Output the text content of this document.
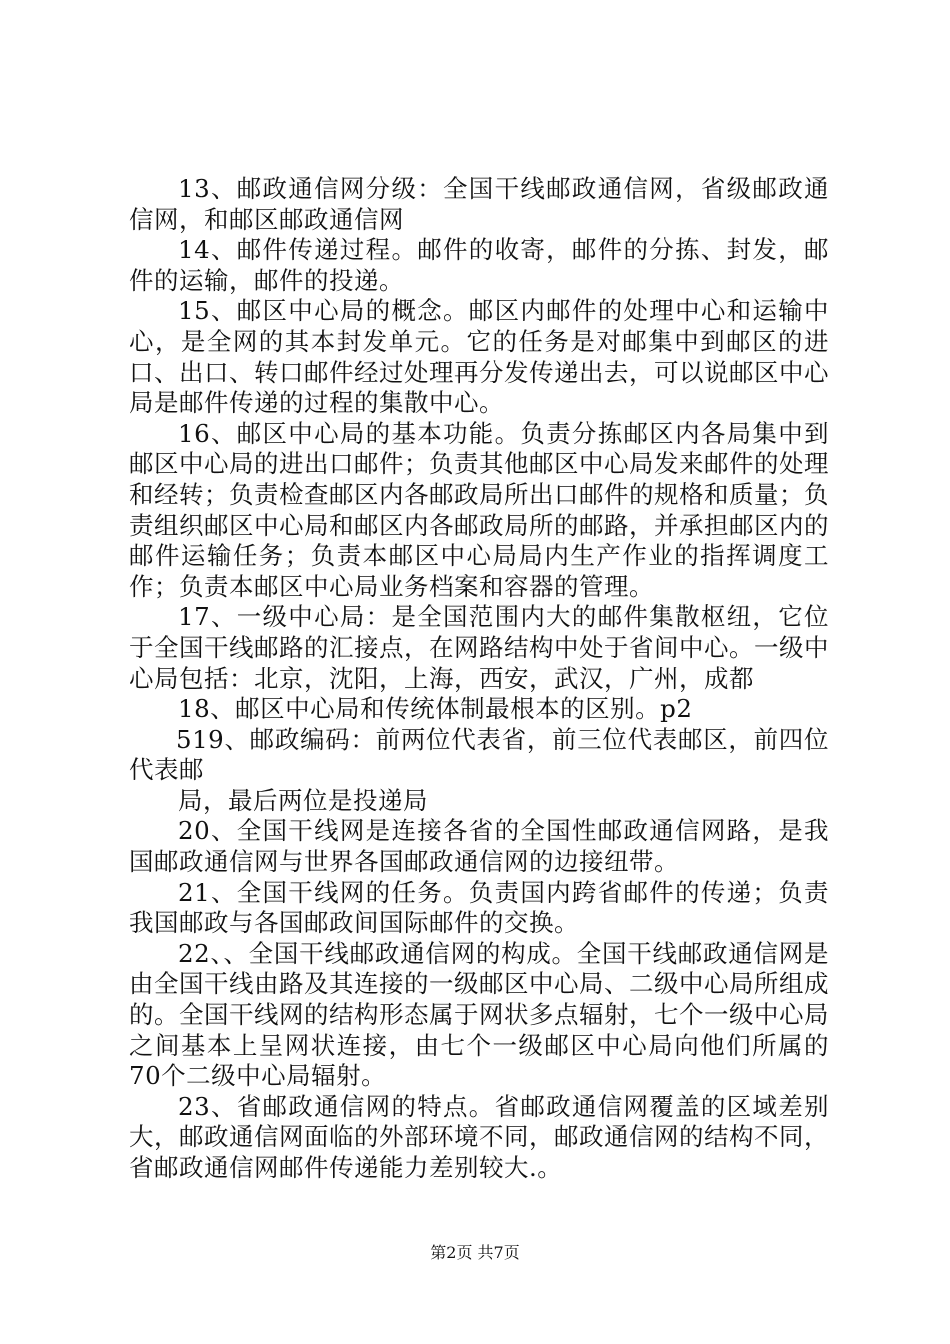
13、邮政通信网分级：全国干线邮政通信网，省级邮政通信网，和邮区邮政通信网

14、邮件传递过程。邮件的收寄，邮件的分拣、封发，邮件的运输，邮件的投递。

15、邮区中心局的概念。邮区内邮件的处理中心和运输中心，是全网的其本封发单元。它的任务是对邮集中到邮区的进口、出口、转口邮件经过处理再分发传递出去，可以说邮区中心局是邮件传递的过程的集散中心。

16、邮区中心局的基本功能。负责分拣邮区内各局集中到邮区中心局的进出口邮件；负责其他邮区中心局发来邮件的处理和经转；负责检查邮区内各邮政局所出口邮件的规格和质量；负责组织邮区中心局和邮区内各邮政局所的邮路，并承担邮区内的邮件运输任务；负责本邮区中心局局内生产作业的指挥调度工作；负责本邮区中心局业务档案和容器的管理。

17、一级中心局：是全国范围内大的邮件集散枢纽，它位于全国干线邮路的汇接点，在网路结构中处于省间中心。一级中心局包括：北京，沈阳，上海，西安，武汉，广州，成都

18、邮区中心局和传统体制最根本的区别。p2

519、邮政编码：前两位代表省，前三位代表邮区，前四位代表邮

局，最后两位是投递局

20、全国干线网是连接各省的全国性邮政通信网路，是我国邮政通信网与世界各国邮政通信网的边接纽带。

21、全国干线网的任务。负责国内跨省邮件的传递；负责我国邮政与各国邮政间国际邮件的交换。

22、、全国干线邮政通信网的构成。全国干线邮政通信网是由全国干线由路及其连接的一级邮区中心局、二级中心局所组成的。全国干线网的结构形态属于网状多点辐射，七个一级中心局之间基本上呈网状连接，由七个一级邮区中心局向他们所属的70个二级中心局辐射。

23、省邮政通信网的特点。省邮政通信网覆盖的区域差别大，邮政通信网面临的外部环境不同，邮政通信网的结构不同，省邮政通信网邮件传递能力差别较大.。

第2页 共7页
